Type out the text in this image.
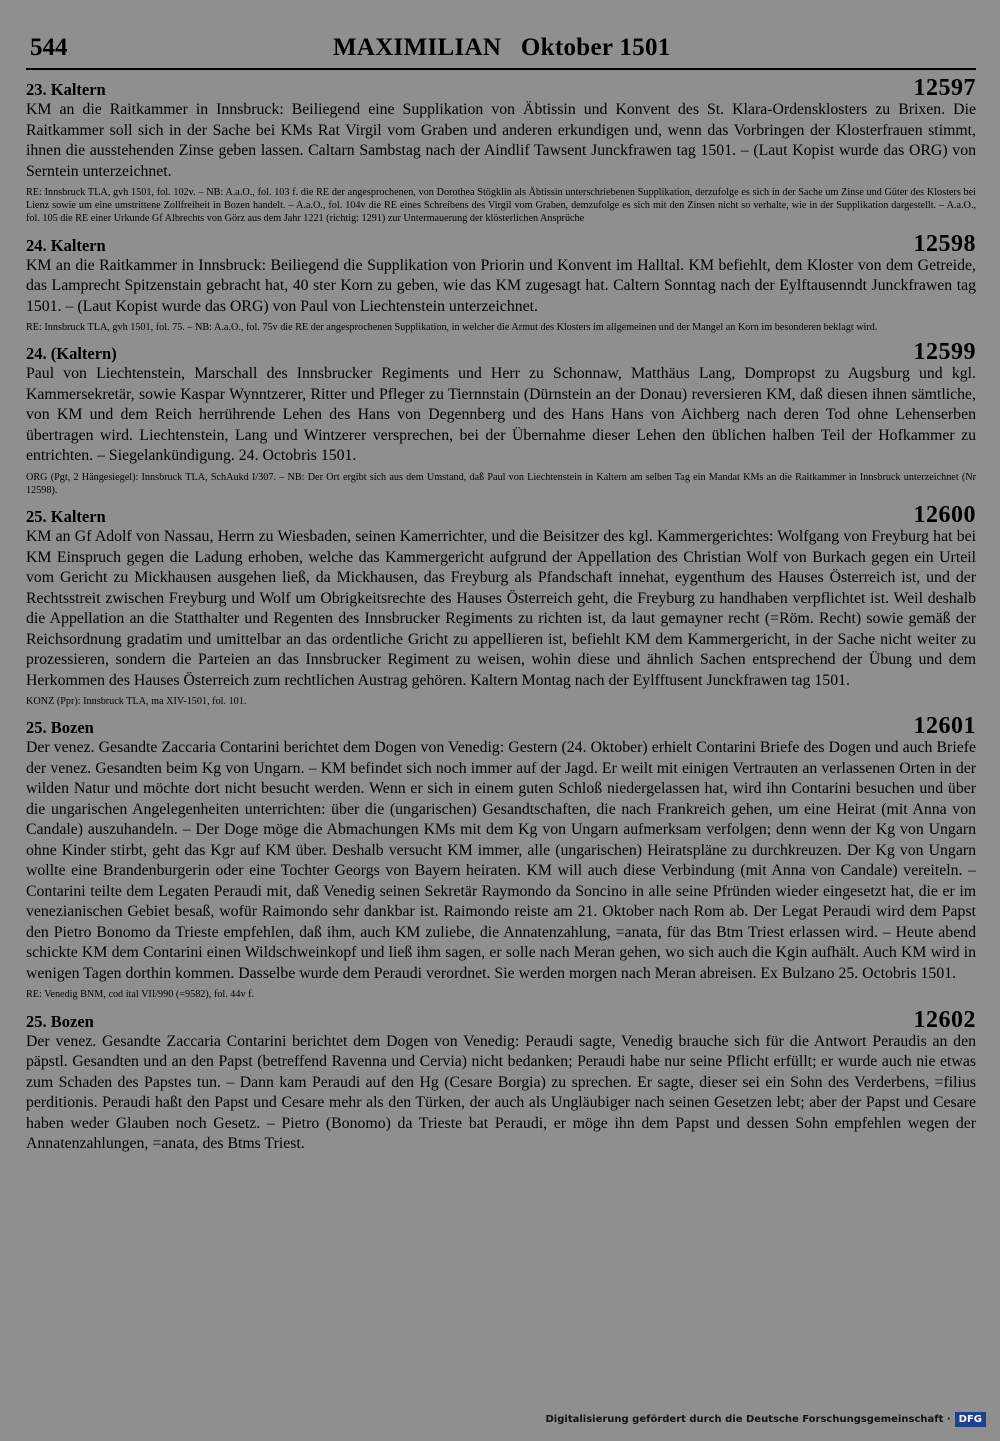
544	MAXIMILIAN   Oktober 1501
23. Kaltern	12597

KM an die Raitkammer in Innsbruck: Beiliegend eine Supplikation von Äbtissin und Konvent des St. Klara-Ordensklosters zu Brixen. Die Raitkammer soll sich in der Sache bei KMs Rat Virgil vom Graben und anderen erkundigen und, wenn das Vorbringen der Klosterfrauen stimmt, ihnen die ausstehenden Zinse geben lassen. Caltarn Sambstag nach der Aindlif Tawsent Junckfrawen tag 1501. – (Laut Kopist wurde das ORG) von Serntein unterzeichnet.

RE: Innsbruck TLA, gvh 1501, fol. 102v. – NB: A.a.O., fol. 103 f. die RE der angesprochenen, von Dorothea Stögklin als Äbtissin unterschriebenen Supplikation, derzufolge es sich in der Sache um Zinse und Güter des Klosters bei Lienz sowie um eine umstrittene Zollfreiheit in Bozen handelt. – A.a.O., fol. 104v die RE eines Schreibens des Virgil vom Graben, demzufolge es sich mit den Zinsen nicht so verhalte, wie in der Supplikation dargestellt. – A.a.O., fol. 105 die RE einer Urkunde Gf Albrechts von Görz aus dem Jahr 1221 (richtig: 1291) zur Untermauerung der klösterlichen Ansprüche

24. Kaltern	12598

KM an die Raitkammer in Innsbruck: Beiliegend die Supplikation von Priorin und Konvent im Halltal. KM befiehlt, dem Kloster von dem Getreide, das Lamprecht Spitzenstain gebracht hat, 40 ster Korn zu geben, wie das KM zugesagt hat. Caltern Sonntag nach der Eylftausenndt Junckfrawen tag 1501. – (Laut Kopist wurde das ORG) von Paul von Liechtenstein unterzeichnet.

RE: Innsbruck TLA, gvh 1501, fol. 75. – NB: A.a.O., fol. 75v die RE der angesprochenen Supplikation, in welcher die Armut des Klosters im allgemeinen und der Mangel an Korn im besonderen beklagt wird.

24. (Kaltern)	12599

Paul von Liechtenstein, Marschall des Innsbrucker Regiments und Herr zu Schonnaw, Matthäus Lang, Dompropst zu Augsburg und kgl. Kammersekretär, sowie Kaspar Wynntzerer, Ritter und Pfleger zu Tiernnstain (Dürnstein an der Donau) reversieren KM, daß diesen ihnen sämtliche, von KM und dem Reich herrührende Lehen des Hans von Degennberg und des Hans Hans von Aichberg nach deren Tod ohne Lehenserben übertragen wird. Liechtenstein, Lang und Wintzerer versprechen, bei der Übernahme dieser Lehen den üblichen halben Teil der Hofkammer zu entrichten. – Siegelankündigung. 24. Octobris 1501.

ORG (Pgt, 2 Hängesiegel): Innsbruck TLA, SchAukd I/307. – NB: Der Ort ergibt sich aus dem Umstand, daß Paul von Liechtenstein in Kaltern am selben Tag ein Mandat KMs an die Raitkammer in Innsbruck unterzeichnet (Nr 12598).

25. Kaltern	12600

KM an Gf Adolf von Nassau, Herrn zu Wiesbaden, seinen Kamerrichter, und die Beisitzer des kgl. Kammergerichtes: Wolfgang von Freyburg hat bei KM Einspruch gegen die Ladung erhoben, welche das Kammergericht aufgrund der Appellation des Christian Wolf von Burkach gegen ein Urteil vom Gericht zu Mickhausen ausgehen ließ, da Mickhausen, das Freyburg als Pfandschaft innehat, eygenthum des Hauses Österreich ist, und der Rechtsstreit zwischen Freyburg und Wolf um Obrigkeitsrechte des Hauses Österreich geht, die Freyburg zu handhaben verpflichtet ist. Weil deshalb die Appellation an die Statthalter und Regenten des Innsbrucker Regiments zu richten ist, da laut gemayner recht (=Röm. Recht) sowie gemäß der Reichsordnung gradatim und umittelbar an das ordentliche Gricht zu appellieren ist, befiehlt KM dem Kammergericht, in der Sache nicht weiter zu prozessieren, sondern die Parteien an das Innsbrucker Regiment zu weisen, wohin diese und ähnlich Sachen entsprechend der Übung und dem Herkommen des Hauses Österreich zum rechtlichen Austrag gehören. Kaltern Montag nach der Eylfftusent Junckfrawen tag 1501.

KONZ (Ppr): Innsbruck TLA, ma XIV-1501, fol. 101.

25. Bozen	12601

Der venez. Gesandte Zaccaria Contarini berichtet dem Dogen von Venedig: Gestern (24. Oktober) erhielt Contarini Briefe des Dogen und auch Briefe der venez. Gesandten beim Kg von Ungarn. – KM befindet sich noch immer auf der Jagd. Er weilt mit einigen Vertrauten an verlassenen Orten in der wilden Natur und möchte dort nicht besucht werden. Wenn er sich in einem guten Schloß niedergelassen hat, wird ihn Contarini besuchen und über die ungarischen Angelegenheiten unterrichten: über die (ungarischen) Gesandtschaften, die nach Frankreich gehen, um eine Heirat (mit Anna von Candale) auszuhandeln. – Der Doge möge die Abmachungen KMs mit dem Kg von Ungarn aufmerksam verfolgen; denn wenn der Kg von Ungarn ohne Kinder stirbt, geht das Kgr auf KM über. Deshalb versucht KM immer, alle (ungarischen) Heiratspläne zu durchkreuzen. Der Kg von Ungarn wollte eine Brandenburgerin oder eine Tochter Georgs von Bayern heiraten. KM will auch diese Verbindung (mit Anna von Candale) vereiteln. – Contarini teilte dem Legaten Peraudi mit, daß Venedig seinen Sekretär Raymondo da Soncino in alle seine Pfründen wieder eingesetzt hat, die er im venezianischen Gebiet besaß, wofür Raimondo sehr dankbar ist. Raimondo reiste am 21. Oktober nach Rom ab. Der Legat Peraudi wird dem Papst den Pietro Bonomo da Trieste empfehlen, daß ihm, auch KM zuliebe, die Annatenzahlung, =anata, für das Btm Triest erlassen wird. – Heute abend schickte KM dem Contarini einen Wildschweinkopf und ließ ihm sagen, er solle nach Meran gehen, wo sich auch die Kgin aufhält. Auch KM wird in wenigen Tagen dorthin kommen. Dasselbe wurde dem Peraudi verordnet. Sie werden morgen nach Meran abreisen. Ex Bulzano 25. Octobris 1501.

RE: Venedig BNM, cod ital VII/990 (=9582), fol. 44v f.

25. Bozen	12602

Der venez. Gesandte Zaccaria Contarini berichtet dem Dogen von Venedig: Peraudi sagte, Venedig brauche sich für die Antwort Peraudis an den päpstl. Gesandten und an den Papst (betreffend Ravenna und Cervia) nicht bedanken; Peraudi habe nur seine Pflicht erfüllt; er wurde auch nie etwas zum Schaden des Papstes tun. – Dann kam Peraudi auf den Hg (Cesare Borgia) zu sprechen. Er sagte, dieser sei ein Sohn des Verderbens, =filius perditionis. Peraudi haßt den Papst und Cesare mehr als den Türken, der auch als Ungläubiger nach seinen Gesetzen lebt; aber der Papst und Cesare haben weder Glauben noch Gesetz. – Pietro (Bonomo) da Trieste bat Peraudi, er möge ihn dem Papst und dessen Sohn empfehlen wegen der Annatenzahlungen, =anata, des Btms Triest.

Digitalisierung gefördert durch die Deutsche Forschungsgemeinschaft · DFG
